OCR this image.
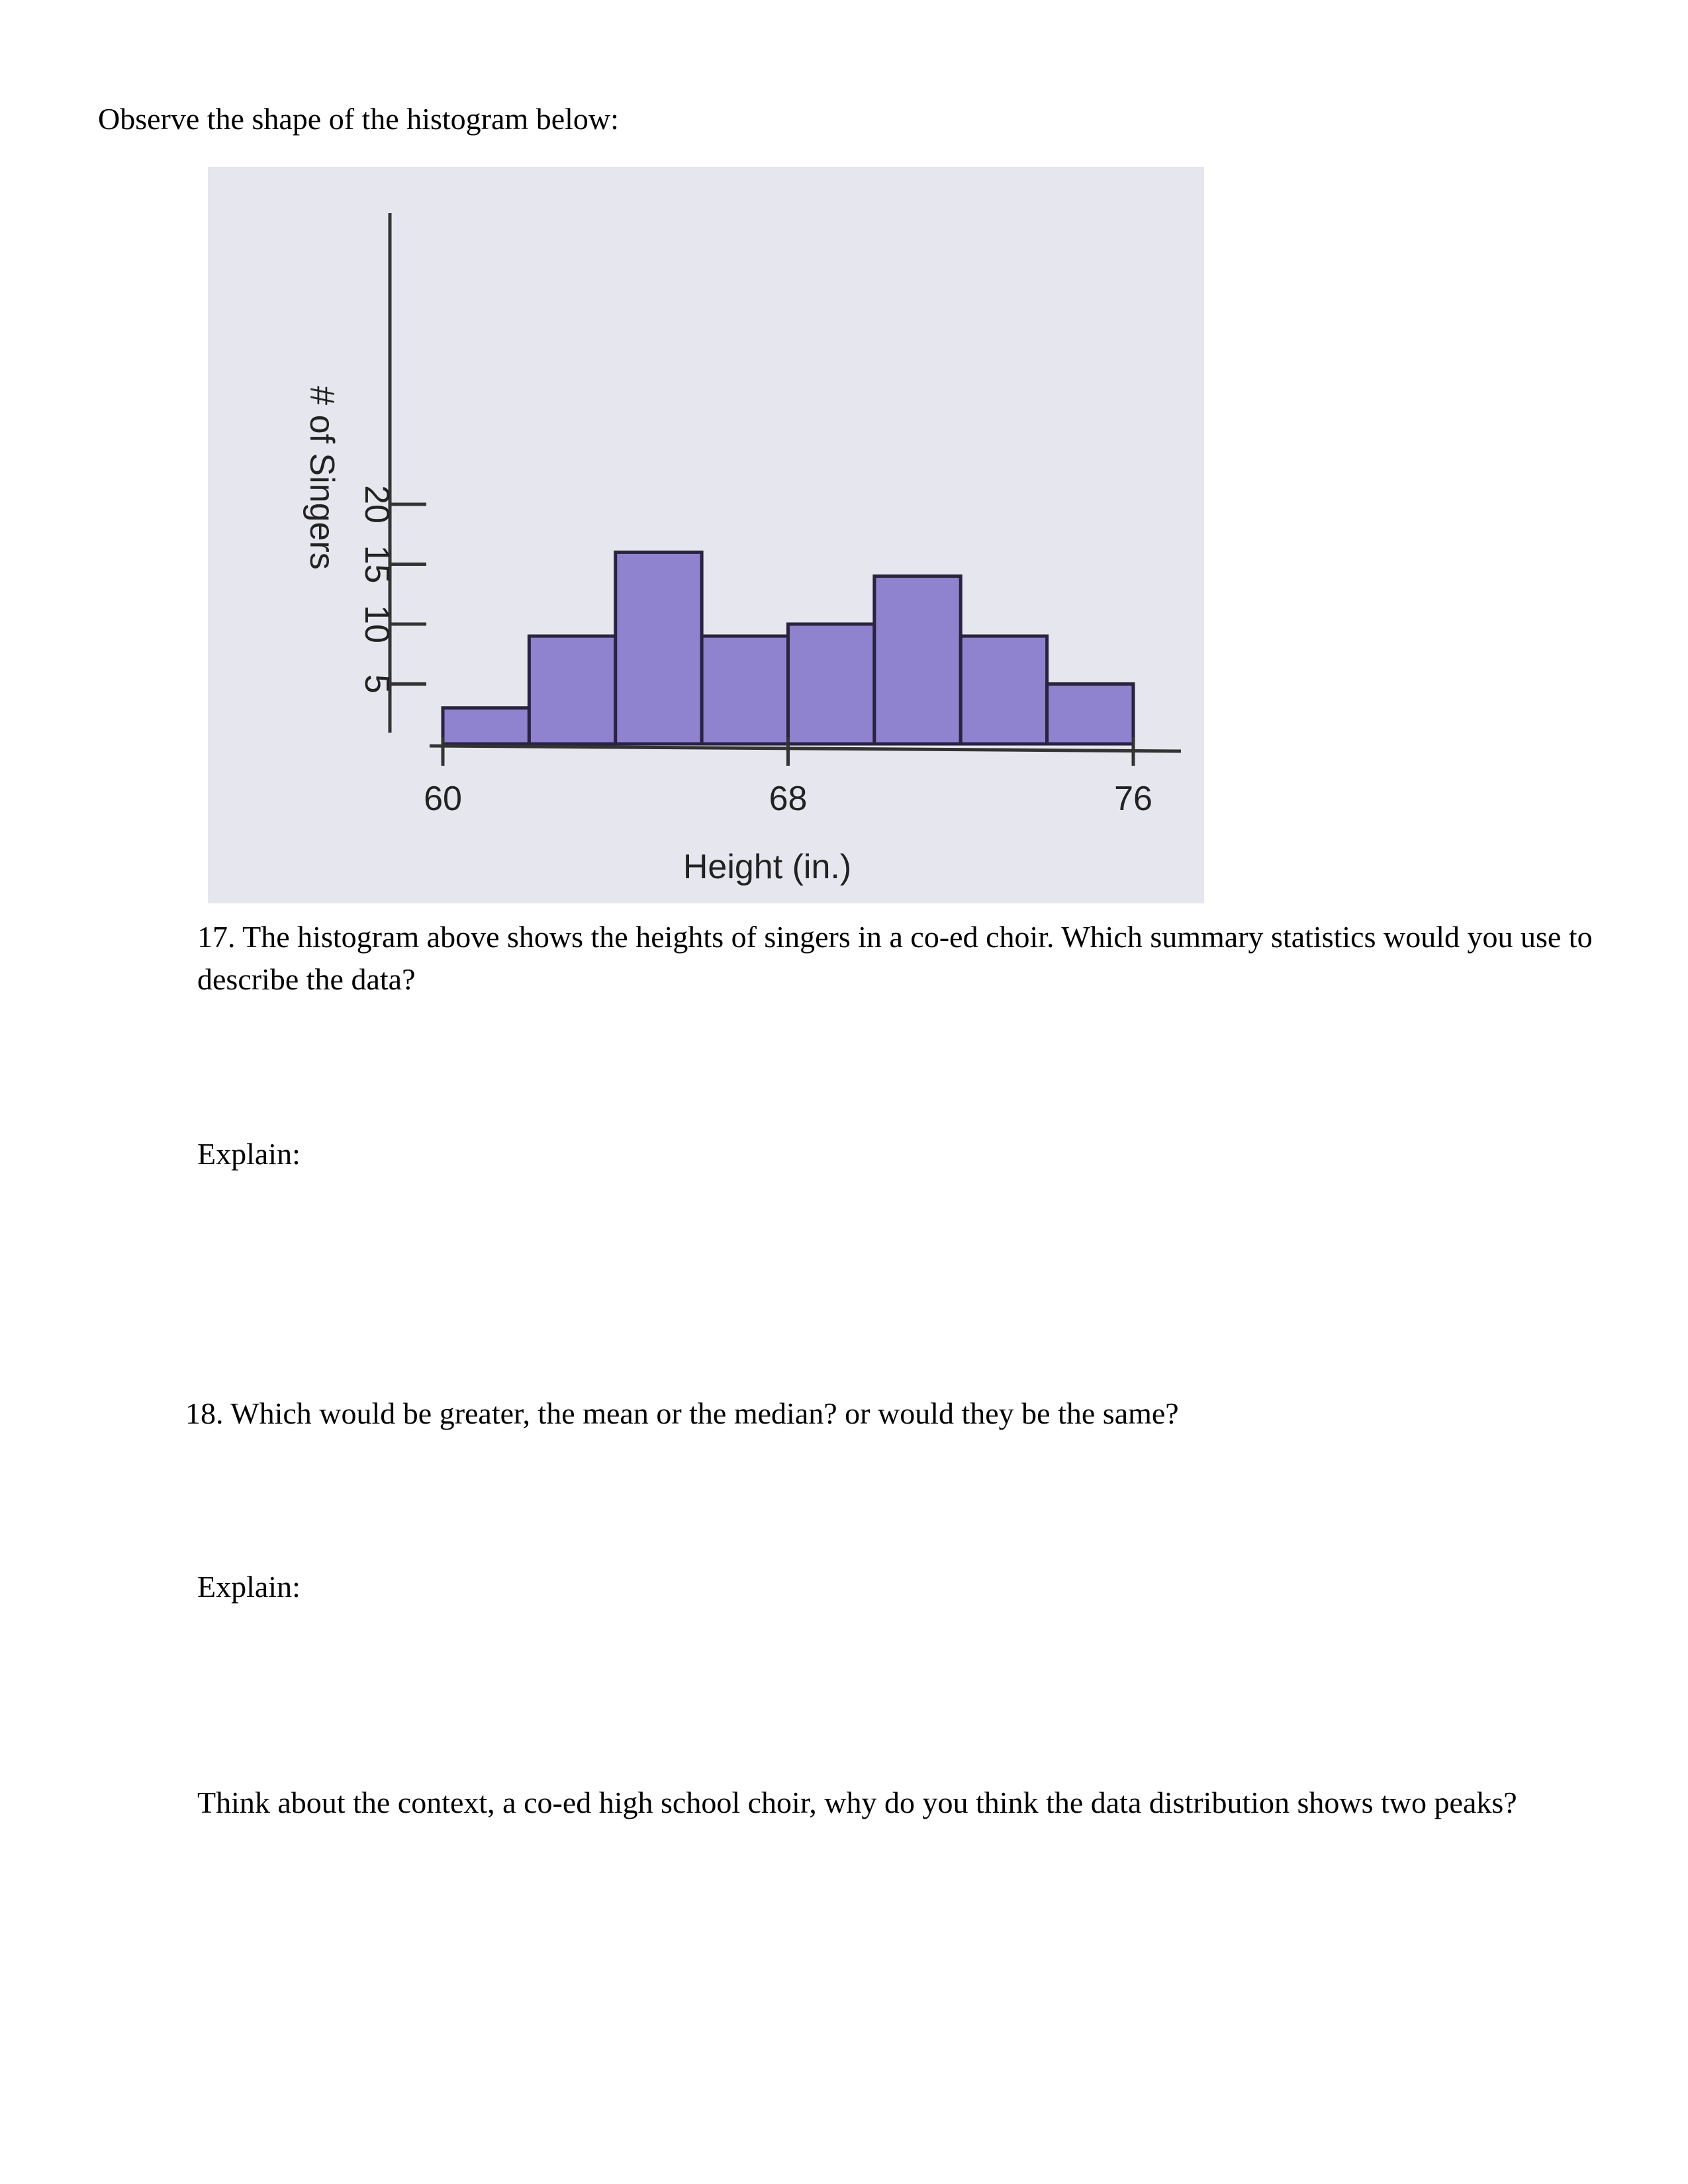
Observe the shape of the histogram below:

5
10
15
20
60	68	76
Height (in.)
# of Singers

17. The histogram above shows the heights of singers in a co-ed choir. Which summary statistics would you use to describe the data?

Explain:

18. Which would be greater, the mean or the median? or would they be the same?

Explain:

Think about the context, a co-ed high school choir, why do you think the data distribution shows two peaks?
